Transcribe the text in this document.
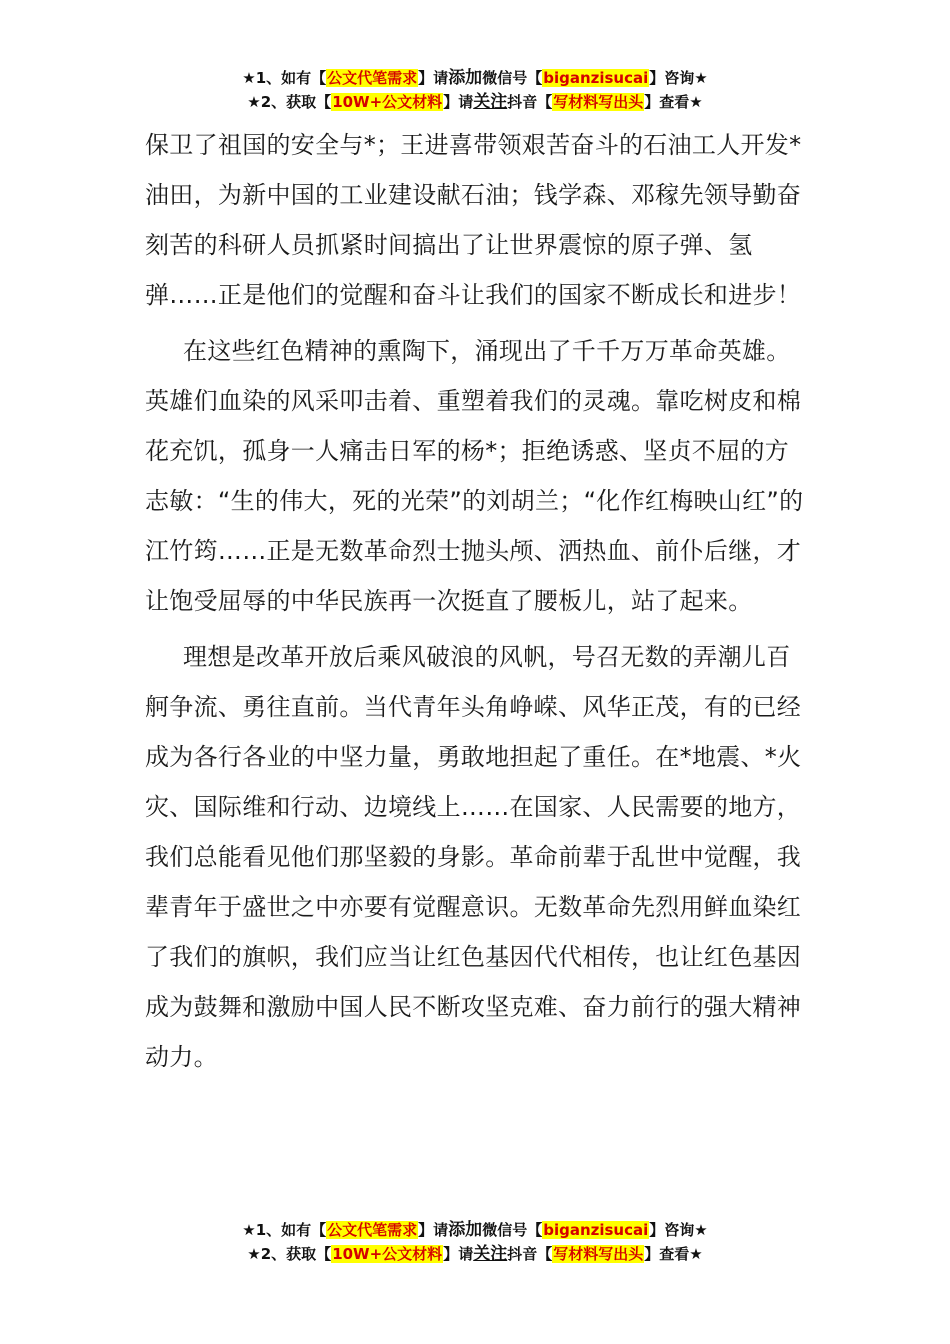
★1、如有【公文代笔需求】请添加微信号【biganzisucai】咨询★
★2、获取【10W+公文材料】请关注抖音【写材料写出头】查看★

保卫了祖国的安全与*；王进喜带领艰苦奋斗的石油工人开发*油田，为新中国的工业建设献石油；钱学森、邓稼先领导勤奋刻苦的科研人员抓紧时间搞出了让世界震惊的原子弹、氢弹……正是他们的觉醒和奋斗让我们的国家不断成长和进步！

在这些红色精神的熏陶下，涌现出了千千万万革命英雄。英雄们血染的风采叩击着、重塑着我们的灵魂。靠吃树皮和棉花充饥，孤身一人痛击日军的杨*；拒绝诱惑、坚贞不屈的方志敏：“生的伟大，死的光荣”的刘胡兰；“化作红梅映山红”的江竹筠……正是无数革命烈士抛头颅、洒热血、前仆后继，才让饱受屈辱的中华民族再一次挺直了腰板儿，站了起来。

理想是改革开放后乘风破浪的风帆，号召无数的弄潮儿百舸争流、勇往直前。当代青年头角峥嵘、风华正茂，有的已经成为各行各业的中坚力量，勇敢地担起了重任。在*地震、*火灾、国际维和行动、边境线上……在国家、人民需要的地方，我们总能看见他们那坚毅的身影。革命前辈于乱世中觉醒，我辈青年于盛世之中亦要有觉醒意识。无数革命先烈用鲜血染红了我们的旗帜，我们应当让红色基因代代相传，也让红色基因成为鼓舞和激励中国人民不断攻坚克难、奋力前行的强大精神动力。

★1、如有【公文代笔需求】请添加微信号【biganzisucai】咨询★
★2、获取【10W+公文材料】请关注抖音【写材料写出头】查看★
